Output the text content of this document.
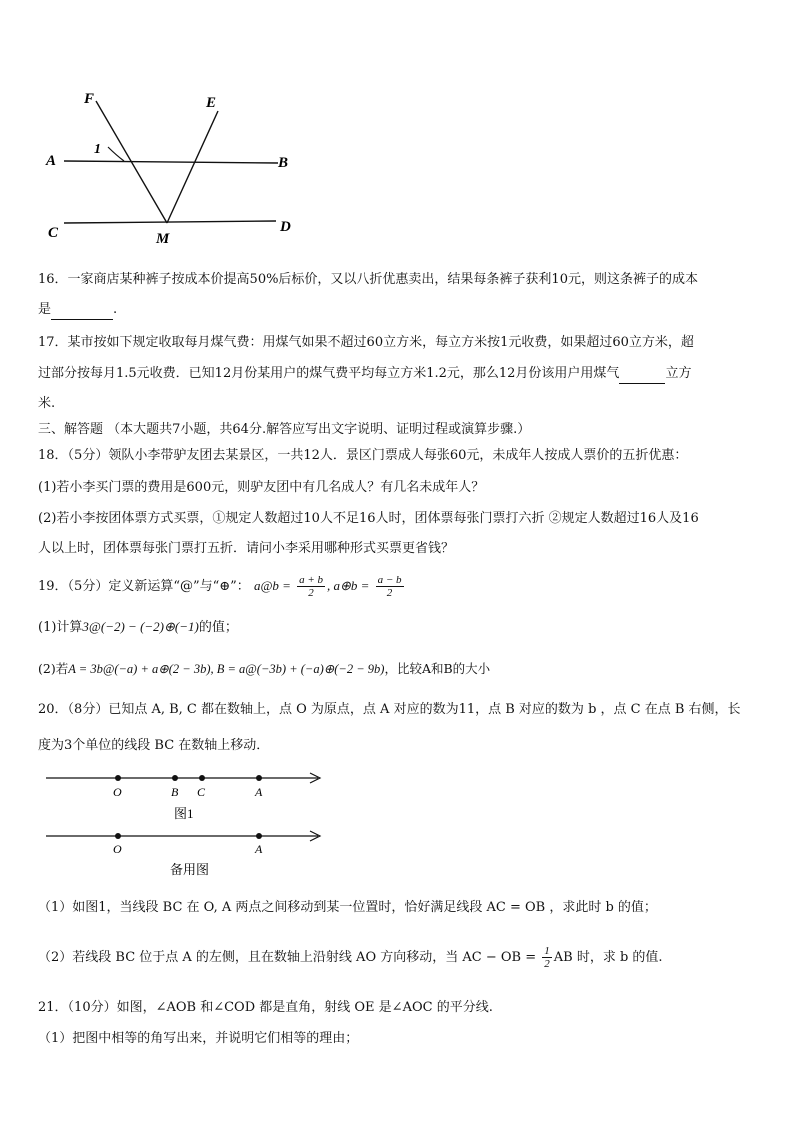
F	E
A
1
B
C	D
M
16．一家商店某种裤子按成本价提高50%后标价，又以八折优惠卖出，结果每条裤子获利10元，则这条裤子的成本
是	.
17．某市按如下规定收取每月煤气费：用煤气如果不超过60立方米，每立方米按1元收费，如果超过60立方米，超
过部分按每月1.5元收费．已知12月份某用户的煤气费平均每立方米1.2元，那么12月份该用户用煤气	立方
米.
三、解答题 （本大题共7小题，共64分.解答应写出文字说明、证明过程或演算步骤.）
18．（5分）领队小李带驴友团去某景区，一共12人．景区门票成人每张60元，未成年人按成人票价的五折优惠：
(1)若小李买门票的费用是600元，则驴友团中有几名成人？有几名未成年人？
(2)若小李按团体票方式买票，①规定人数超过10人不足16人时，团体票每张门票打六折 ②规定人数超过16人及16
人以上时，团体票每张门票打五折．请问小李采用哪种形式买票更省钱？
19．（5分）定义新运算“@”与“⊕”： a@b = $\frac{a + b}{2}$ , a⊕b = $\frac{a - b}{2}$
(1)计算3@(−2) − (−2)⊕(−1)的值；
(2)若A = 3b@(−a) + a⊕(2 − 3b), B = a@(−3b) + (−a)⊕(−2 − 9b)，比较A和B的大小
20．（8分）已知点 A, B, C 都在数轴上，点 O 为原点，点 A 对应的数为11，点 B 对应的数为 b ，点 C 在点 B 右侧，长
度为3个单位的线段 BC 在数轴上移动．
O	B C	A
图1
O	A
备用图
（1）如图1，当线段 BC 在 O, A 两点之间移动到某一位置时，恰好满足线段 AC = OB ，求此时 b 的值；
（2）若线段 BC 位于点 A 的左侧，且在数轴上沿射线 AO 方向移动，当 AC − OB = $\frac{1}{2}$ AB 时，求 b 的值.
21．（10分）如图，∠AOB 和∠COD 都是直角，射线 OE 是∠AOC 的平分线.
（1）把图中相等的角写出来，并说明它们相等的理由；
